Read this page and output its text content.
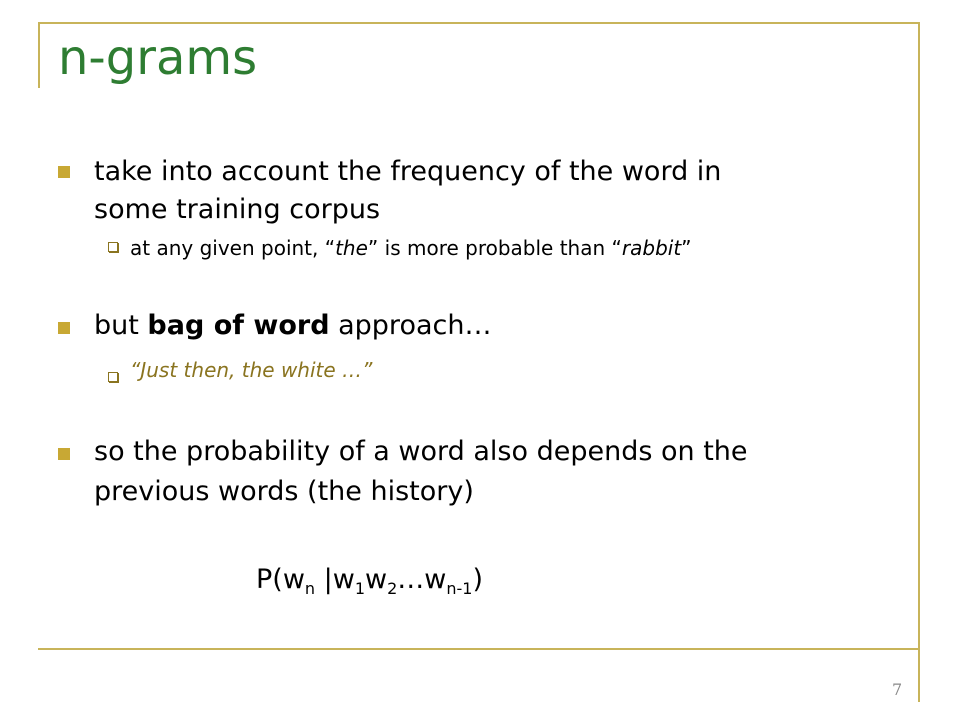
n-grams
take into account the frequency of the word in
some training corpus
at any given point, “the” is more probable than “rabbit”
but bag of word approach…
“Just then, the white …”
so the probability of a word also depends on the
previous words (the history)
$P(w_n$ $|w_1w_2\dots w_{n-1}$)
7
